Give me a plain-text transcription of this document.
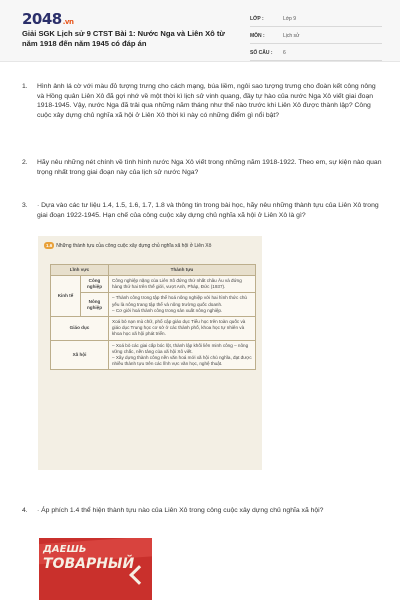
2048.vn
Giải SGK Lịch sử 9 CTST Bài 1: Nước Nga và Liên Xô từ năm 1918 đến năm 1945 có đáp án
LỚP :	Lớp 9
MÔN :	Lịch sử
SỐ CÂU :	6
1. Hình ảnh lá cờ với màu đỏ tượng trưng cho cách mạng, búa liềm, ngôi sao tượng trưng cho đoàn kết công nông và Hồng quân Liên Xô đã gợi nhớ về một thời kì lịch sử vinh quang, đầy tự hào của nước Nga Xô viết giai đoạn 1918-1945. Vậy, nước Nga đã trải qua những năm tháng như thế nào trước khi Liên Xô được thành lập? Công cuộc xây dựng chủ nghĩa xã hội ở Liên Xô thời kì này có những điểm gì nổi bật?
2. Hãy nêu những nét chính về tình hình nước Nga Xô viết trong những năm 1918-1922. Theo em, sự kiện nào quan trọng nhất trong giai đoạn này của lịch sử nước Nga?
3. · Dựa vào các tư liệu 1.4, 1.5, 1.6, 1.7, 1.8 và thông tin trong bài học, hãy nêu những thành tựu của Liên Xô trong giai đoạn 1922-1945. Hạn chế của công cuộc xây dựng chủ nghĩa xã hội ở Liên Xô là gì?
1.6 Những thành tựu của công cuộc xây dựng chủ nghĩa xã hội ở Liên Xô
Lĩnh vực		Thành tựu
Kinh tế	Công nghiệp	Công nghiệp nặng của Liên Xô đứng thứ nhất châu Âu và đứng hàng thứ hai trên thế giới, vượt Anh, Pháp, Đức (1937).
	Nông nghiệp	– Thành công trong tập thể hoá nông nghiệp với hai hình thức chủ yếu là nông trang tập thể và nông trường quốc doanh.
– Cơ giới hoá thành công trong sản xuất nông nghiệp.

Giáo dục		Xoá bỏ nạn mù chữ, phổ cập giáo dục Tiểu học trên toàn quốc và giáo dục Trung học cơ sở ở các thành phố, khoa học tự nhiên và khoa học xã hội phát triển.
Xã hội		– Xoá bỏ các giai cấp bóc lột, thành lập khối liên minh công – nông vững chắc, nền tảng của xã hội Xô viết.
– Xây dựng thành công nền văn hoá mới xã hội chủ nghĩa, đạt được nhiều thành tựu trên các lĩnh vực văn học, nghệ thuật.
4. · Áp phích 1.4 thể hiện thành tựu nào của Liên Xô trong công cuộc xây dựng chủ nghĩa xã hội?
ДАЕШЬ
ТОВАРНЫЙ
